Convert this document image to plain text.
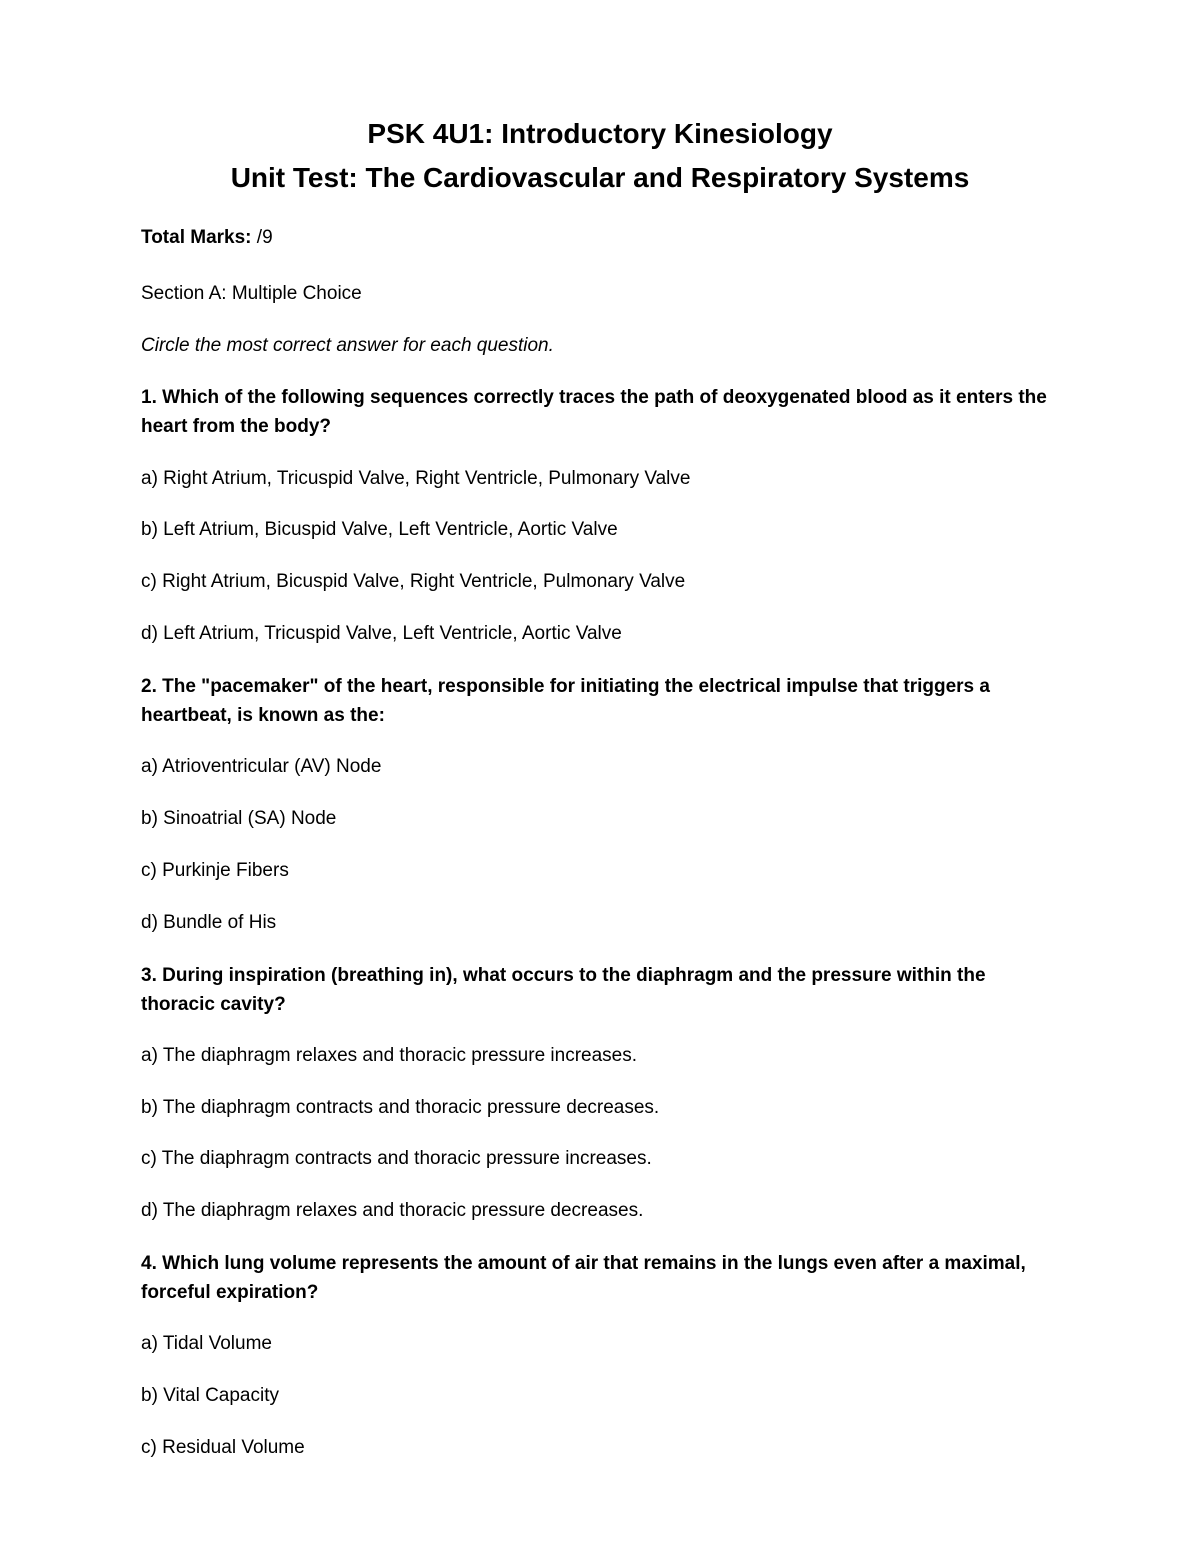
PSK 4U1: Introductory Kinesiology
Unit Test: The Cardiovascular and Respiratory Systems

Total Marks: /9

Section A: Multiple Choice

Circle the most correct answer for each question.

1. Which of the following sequences correctly traces the path of deoxygenated blood as it enters the heart from the body?

a) Right Atrium, Tricuspid Valve, Right Ventricle, Pulmonary Valve

b) Left Atrium, Bicuspid Valve, Left Ventricle, Aortic Valve

c) Right Atrium, Bicuspid Valve, Right Ventricle, Pulmonary Valve

d) Left Atrium, Tricuspid Valve, Left Ventricle, Aortic Valve

2. The "pacemaker" of the heart, responsible for initiating the electrical impulse that triggers a heartbeat, is known as the:

a) Atrioventricular (AV) Node

b) Sinoatrial (SA) Node

c) Purkinje Fibers

d) Bundle of His

3. During inspiration (breathing in), what occurs to the diaphragm and the pressure within the thoracic cavity?

a) The diaphragm relaxes and thoracic pressure increases.

b) The diaphragm contracts and thoracic pressure decreases.

c) The diaphragm contracts and thoracic pressure increases.

d) The diaphragm relaxes and thoracic pressure decreases.

4. Which lung volume represents the amount of air that remains in the lungs even after a maximal, forceful expiration?

a) Tidal Volume

b) Vital Capacity

c) Residual Volume
